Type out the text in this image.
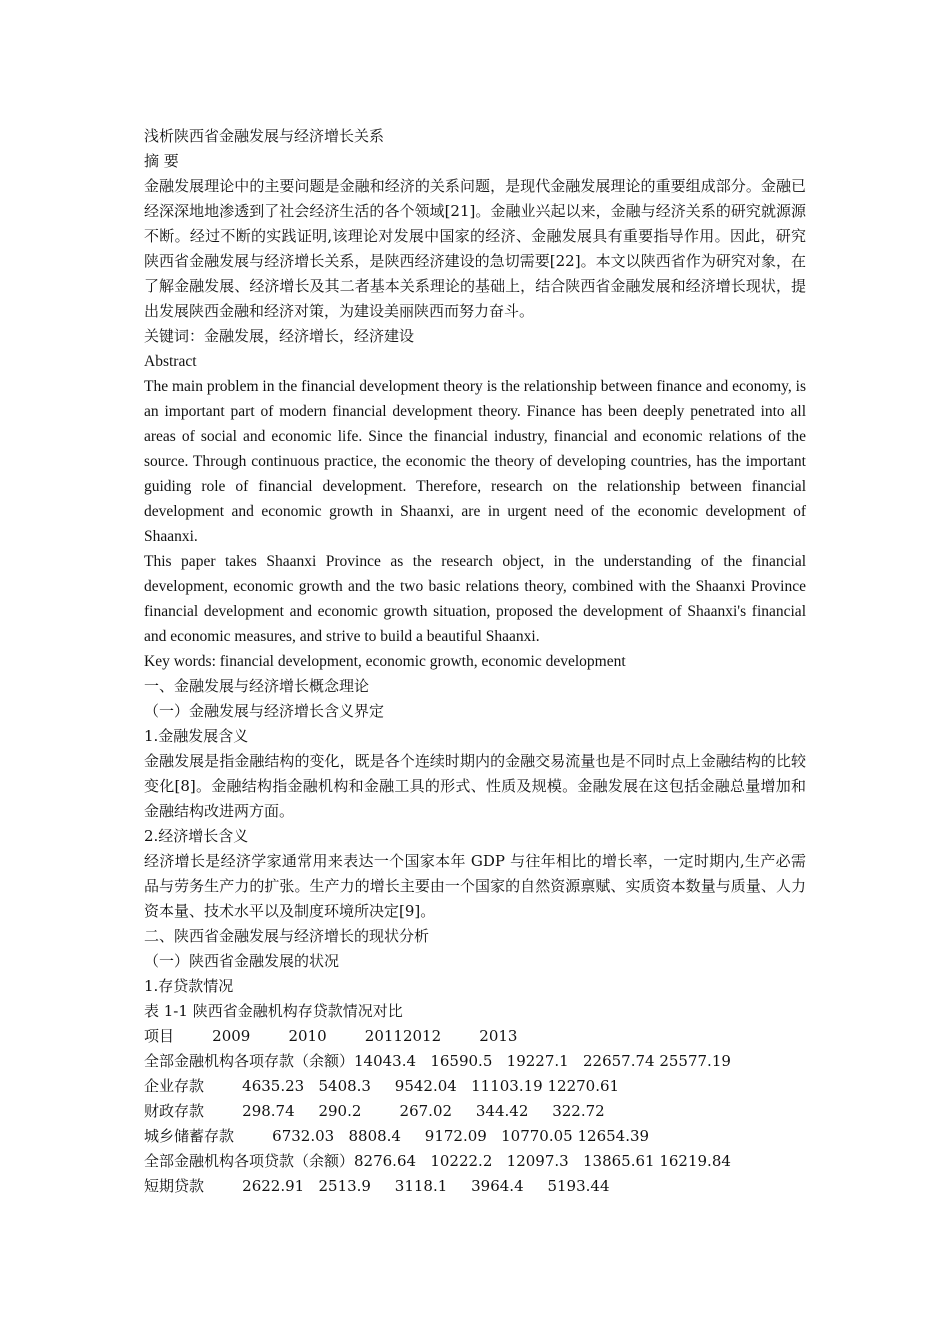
浅析陕西省金融发展与经济增长关系

摘 要

金融发展理论中的主要问题是金融和经济的关系问题，是现代金融发展理论的重要组成部分。金融已经深深地地渗透到了社会经济生活的各个领域[21]。金融业兴起以来，金融与经济关系的研究就源源不断。经过不断的实践证明,该理论对发展中国家的经济、金融发展具有重要指导作用。因此，研究陕西省金融发展与经济增长关系，是陕西经济建设的急切需要[22]。本文以陕西省作为研究对象，在了解金融发展、经济增长及其二者基本关系理论的基础上，结合陕西省金融发展和经济增长现状，提出发展陕西金融和经济对策，为建设美丽陕西而努力奋斗。

关键词：金融发展，经济增长，经济建设

Abstract

The main problem in the financial development theory is the relationship between finance and economy, is an important part of modern financial development theory. Finance has been deeply penetrated into all areas of social and economic life. Since the financial industry, financial and economic relations of the source. Through continuous practice, the economic the theory of developing countries, has the important guiding role of financial development. Therefore, research on the relationship between financial development and economic growth in Shaanxi, are in urgent need of the economic development of Shaanxi.

This paper takes Shaanxi Province as the research object, in the understanding of the financial development, economic growth and the two basic relations theory, combined with the Shaanxi Province financial development and economic growth situation, proposed the development of Shaanxi's financial and economic measures, and strive to build a beautiful Shaanxi.

Key words: financial development, economic growth, economic development

一、金融发展与经济增长概念理论

（一）金融发展与经济增长含义界定

1.金融发展含义

金融发展是指金融结构的变化，既是各个连续时期内的金融交易流量也是不同时点上金融结构的比较变化[8]。金融结构指金融机构和金融工具的形式、性质及规模。金融发展在这包括金融总量增加和金融结构改进两方面。

2.经济增长含义

经济增长是经济学家通常用来表达一个国家本年 GDP 与往年相比的增长率，一定时期内,生产必需品与劳务生产力的扩张。生产力的增长主要由一个国家的自然资源禀赋、实质资本数量与质量、人力资本量、技术水平以及制度环境所决定[9]。

二、陕西省金融发展与经济增长的现状分析

（一）陕西省金融发展的状况

1.存贷款情况

表 1-1 陕西省金融机构存贷款情况对比

项目        2009        2010        20112012        2013

全部金融机构各项存款（余额）14043.4   16590.5   19227.1   22657.74 25577.19

企业存款        4635.23   5408.3     9542.04   11103.19 12270.61

财政存款        298.74     290.2        267.02     344.42     322.72

城乡储蓄存款        6732.03   8808.4     9172.09   10770.05 12654.39

全部金融机构各项贷款（余额）8276.64   10222.2   12097.3   13865.61 16219.84

短期贷款        2622.91   2513.9     3118.1     3964.4     5193.44
